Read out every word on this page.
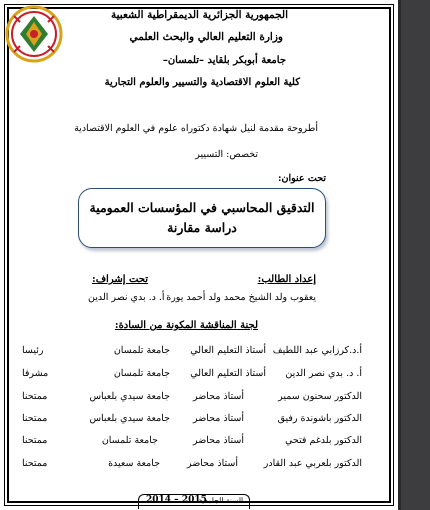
الجمهورية الجزائرية الديمقراطية الشعبية
وزارة التعليم العالي والبحث العلمي
جامعة أبوبكر بلقايد –تلمسان–
كلية العلوم الاقتصادية والتسيير والعلوم التجارية
أطروحة مقدمة لنيل شهادة دكتوراه علوم في العلوم الاقتصادية
تخصص: التسيير
تحت عنوان:
التدقيق المحاسبي في المؤسسات العمومية
دراسة مقارنة
إعداد الطالب:
يعقوب ولد الشيخ محمد ولد أحمد يورة
تحت إشراف:
أ. د. بدي نصر الدين
لجنة المناقشة المكونة من السادة:
أ.د.كرزابي عبد اللطيف
أستاذ التعليم العالي
جامعة تلمسان
رئيسا
أ. د. بدي نصر الدين
أستاذ التعليم العالي
جامعة تلمسان
مشرفا
الدكتور سحنون سمير
أستاذ محاضر
جامعة سيدي بلعباس
ممتحنا
الدكتور باشوندة رفيق
أستاذ محاضر
جامعة سيدي بلعباس
ممتحنا
الدكتور بلدغم فتحي
أستاذ محاضر
جامعة تلمسان
ممتحنا
الدكتور بلعربي عبد القادر
أستاذ محاضر
جامعة سعيدة
ممتحنا
2014 – 2015
السنة الجامعية
